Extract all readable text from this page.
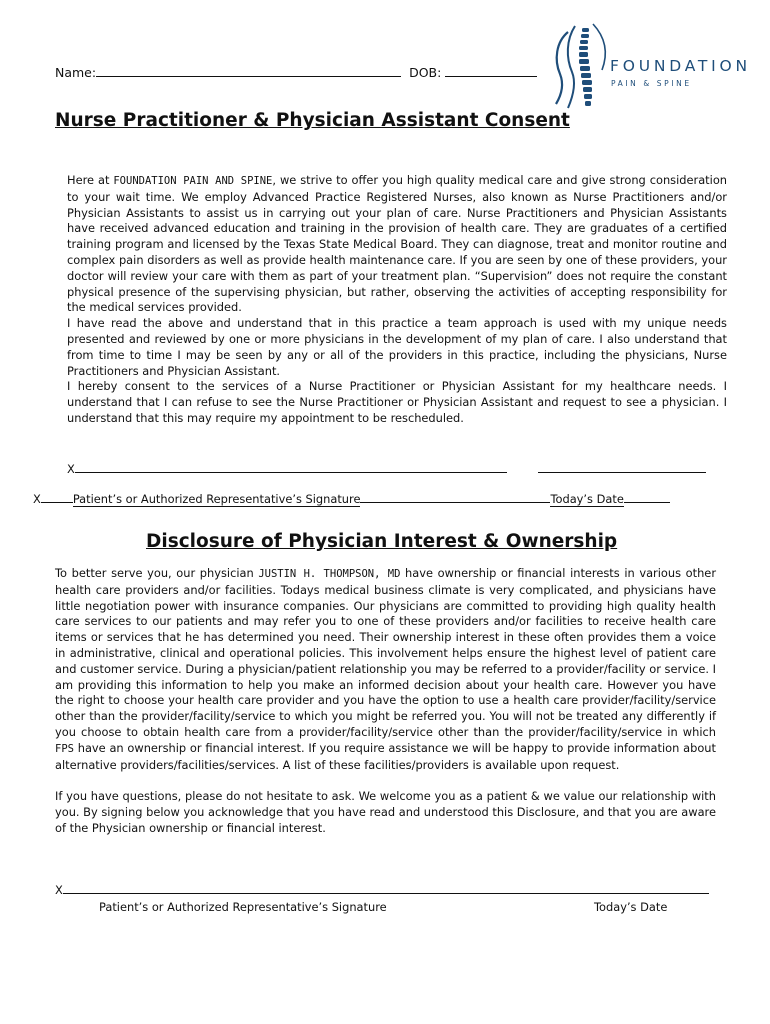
Name:	DOB:	FOUNDATION
PAIN & SPINE
Nurse Practitioner & Physician Assistant Consent

Here at FOUNDATION PAIN AND SPINE, we strive to offer you high quality medical care and give strong consideration to your wait time. We employ Advanced Practice Registered Nurses, also known as Nurse Practitioners and/or Physician Assistants to assist us in carrying out your plan of care. Nurse Practitioners and Physician Assistants have received advanced education and training in the provision of health care. They are graduates of a certified training program and licensed by the Texas State Medical Board. They can diagnose, treat and monitor routine and complex pain disorders as well as provide health maintenance care. If you are seen by one of these providers, your doctor will review your care with them as part of your treatment plan. “Supervision” does not require the constant physical presence of the supervising physician, but rather, observing the activities of accepting responsibility for the medical services provided.

I have read the above and understand that in this practice a team approach is used with my unique needs presented and reviewed by one or more physicians in the development of my plan of care. I also understand that from time to time I may be seen by any or all of the providers in this practice, including the physicians, Nurse Practitioners and Physician Assistant.

I hereby consent to the services of a Nurse Practitioner or Physician Assistant for my healthcare needs. I understand that I can refuse to see the Nurse Practitioner or Physician Assistant and request to see a physician. I understand that this may require my appointment to be rescheduled.

X
X	Patient’s or Authorized Representative’s Signature	Today’s Date
Disclosure of Physician Interest & Ownership

To better serve you, our physician JUSTIN H. THOMPSON, MD have ownership or financial interests in various other health care providers and/or facilities. Todays medical business climate is very complicated, and physicians have little negotiation power with insurance companies. Our physicians are committed to providing high quality health care services to our patients and may refer you to one of these providers and/or facilities to receive health care items or services that he has determined you need. Their ownership interest in these often provides them a voice in administrative, clinical and operational policies. This involvement helps ensure the highest level of patient care and customer service. During a physician/patient relationship you may be referred to a provider/facility or service. I am providing this information to help you make an informed decision about your health care. However you have the right to choose your health care provider and you have the option to use a health care provider/facility/service other than the provider/facility/service to which you might be referred you. You will not be treated any differently if you choose to obtain health care from a provider/facility/service other than the provider/facility/service in which FPS have an ownership or financial interest. If you require assistance we will be happy to provide information about alternative providers/facilities/services. A list of these facilities/providers is available upon request.

If you have questions, please do not hesitate to ask. We welcome you as a patient & we value our relationship with you. By signing below you acknowledge that you have read and understood this Disclosure, and that you are aware of the Physician ownership or financial interest.

X
Patient’s or Authorized Representative’s Signature	Today’s Date
